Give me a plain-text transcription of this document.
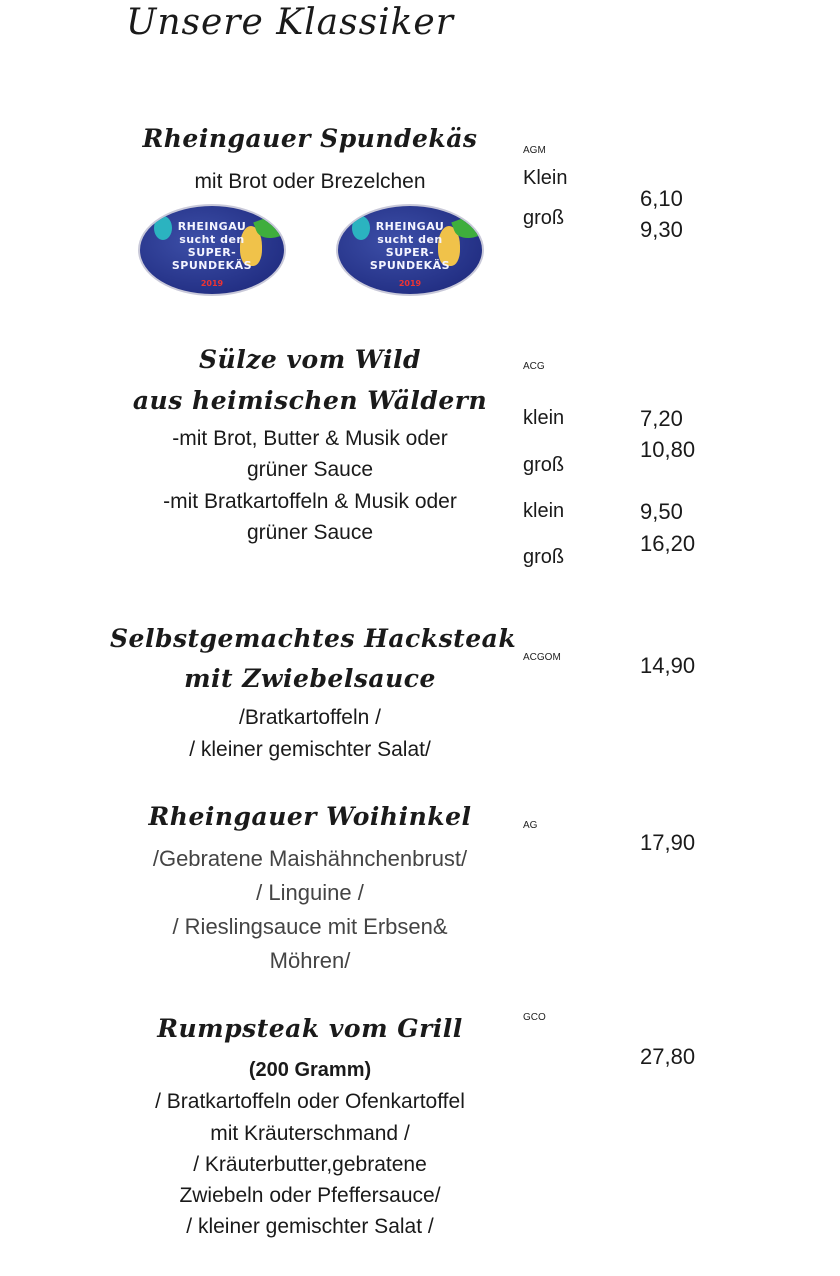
Unsere Klassiker
Rheingauer Spundekäs
mit Brot oder Brezelchen
RHEINGAU
sucht den
SUPER-
SPUNDEKÄS
2019
RHEINGAU
sucht den
SUPER-
SPUNDEKÄS
2019
AGM
Klein
groß
6,10
9,30
Sülze vom Wild
aus heimischen Wäldern
-mit Brot, Butter & Musik oder
grüner Sauce
-mit Bratkartoffeln & Musik oder
grüner Sauce
ACG
klein
groß
klein
groß
7,20
10,80
9,50
16,20
Selbstgemachtes Hacksteak
mit Zwiebelsauce
/Bratkartoffeln /
/ kleiner gemischter Salat/
ACGOM	14,90
Rheingauer Woihinkel
/Gebratene Maishähnchenbrust/
/ Linguine /
/ Rieslingsauce mit Erbsen&
Möhren/
AG
17,90
Rumpsteak vom Grill
(200 Gramm)
/ Bratkartoffeln oder Ofenkartoffel
mit Kräuterschmand /
/ Kräuterbutter,gebratene
Zwiebeln oder Pfeffersauce/
/ kleiner gemischter Salat /
GCO
27,80
